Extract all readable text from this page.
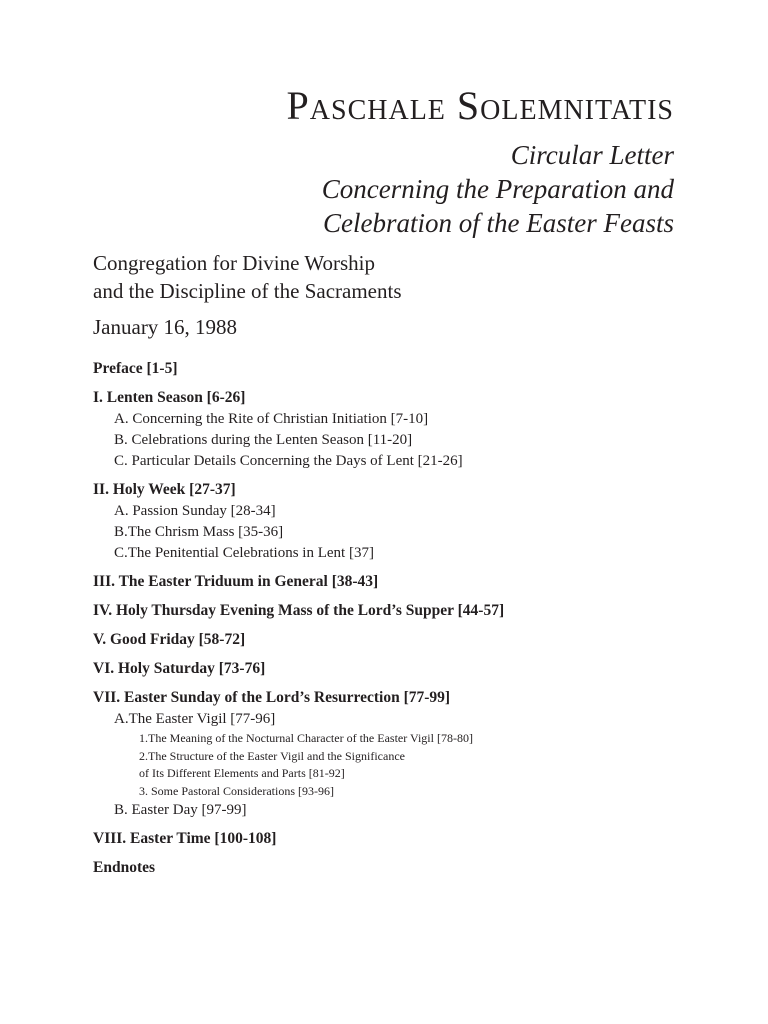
Paschale Solemnitatis

Circular Letter

Concerning the Preparation and

Celebration of the Easter Feasts

Congregation for Divine Worship
and the Discipline of the Sacraments
January 16, 1988
Preface [1-5]
I. Lenten Season [6-26]
A. Concerning the Rite of Christian Initiation [7-10]
B. Celebrations during the Lenten Season [11-20]
C. Particular Details Concerning the Days of Lent [21-26]
II. Holy Week [27-37]
A. Passion Sunday [28-34]
B.The Chrism Mass [35-36]
C.The Penitential Celebrations in Lent [37]
III. The Easter Triduum in General [38-43]
IV. Holy Thursday Evening Mass of the Lord’s Supper [44-57]
V. Good Friday [58-72]
VI. Holy Saturday [73-76]
VII. Easter Sunday of the Lord’s Resurrection [77-99]
A.The Easter Vigil [77-96]
1.The Meaning of the Nocturnal Character of the Easter Vigil [78-80]
2.The Structure of the Easter Vigil and the Significance
of Its Different Elements and Parts [81-92]
3. Some Pastoral Considerations [93-96]
B. Easter Day [97-99]
VIII. Easter Time [100-108]
Endnotes
